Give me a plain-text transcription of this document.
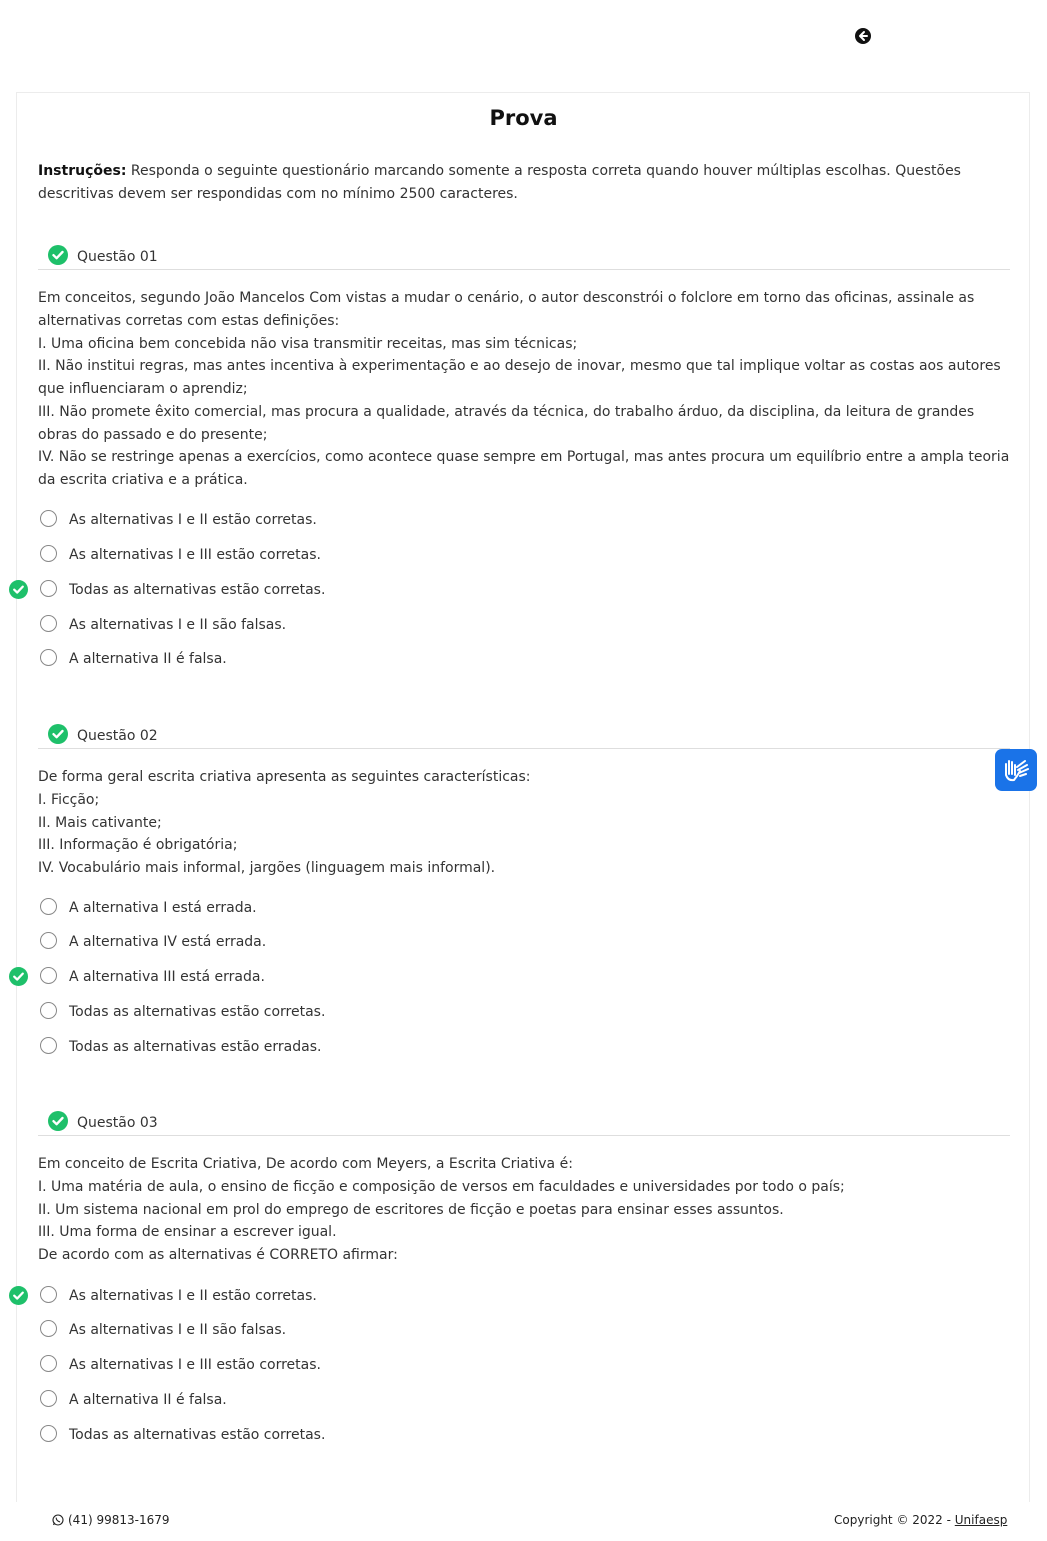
Prova
Instruções: Responda o seguinte questionário marcando somente a resposta correta quando houver múltiplas escolhas. Questões descritivas devem ser respondidas com no mínimo 2500 caracteres.
Questão 01
Em conceitos, segundo João Mancelos Com vistas a mudar o cenário, o autor desconstrói o folclore em torno das oficinas, assinale as alternativas corretas com estas definições:
I. Uma oficina bem concebida não visa transmitir receitas, mas sim técnicas;
II. Não institui regras, mas antes incentiva à experimentação e ao desejo de inovar, mesmo que tal implique voltar as costas aos autores que influenciaram o aprendiz;
III. Não promete êxito comercial, mas procura a qualidade, através da técnica, do trabalho árduo, da disciplina, da leitura de grandes obras do passado e do presente;
IV. Não se restringe apenas a exercícios, como acontece quase sempre em Portugal, mas antes procura um equilíbrio entre a ampla teoria da escrita criativa e a prática.
As alternativas I e II estão corretas.
As alternativas I e III estão corretas.
Todas as alternativas estão corretas.
As alternativas I e II são falsas.
A alternativa II é falsa.
Questão 02
De forma geral escrita criativa apresenta as seguintes características:
I. Ficção;
II. Mais cativante;
III. Informação é obrigatória;
IV. Vocabulário mais informal, jargões (linguagem mais informal).
A alternativa I está errada.
A alternativa IV está errada.
A alternativa III está errada.
Todas as alternativas estão corretas.
Todas as alternativas estão erradas.
Questão 03
Em conceito de Escrita Criativa, De acordo com Meyers, a Escrita Criativa é:
I. Uma matéria de aula, o ensino de ficção e composição de versos em faculdades e universidades por todo o país;
II. Um sistema nacional em prol do emprego de escritores de ficção e poetas para ensinar esses assuntos.
III. Uma forma de ensinar a escrever igual.
De acordo com as alternativas é CORRETO afirmar:
As alternativas I e II estão corretas.
As alternativas I e II são falsas.
As alternativas I e III estão corretas.
A alternativa II é falsa.
Todas as alternativas estão corretas.
(41) 99813-1679	Copyright © 2022 - Unifaesp
